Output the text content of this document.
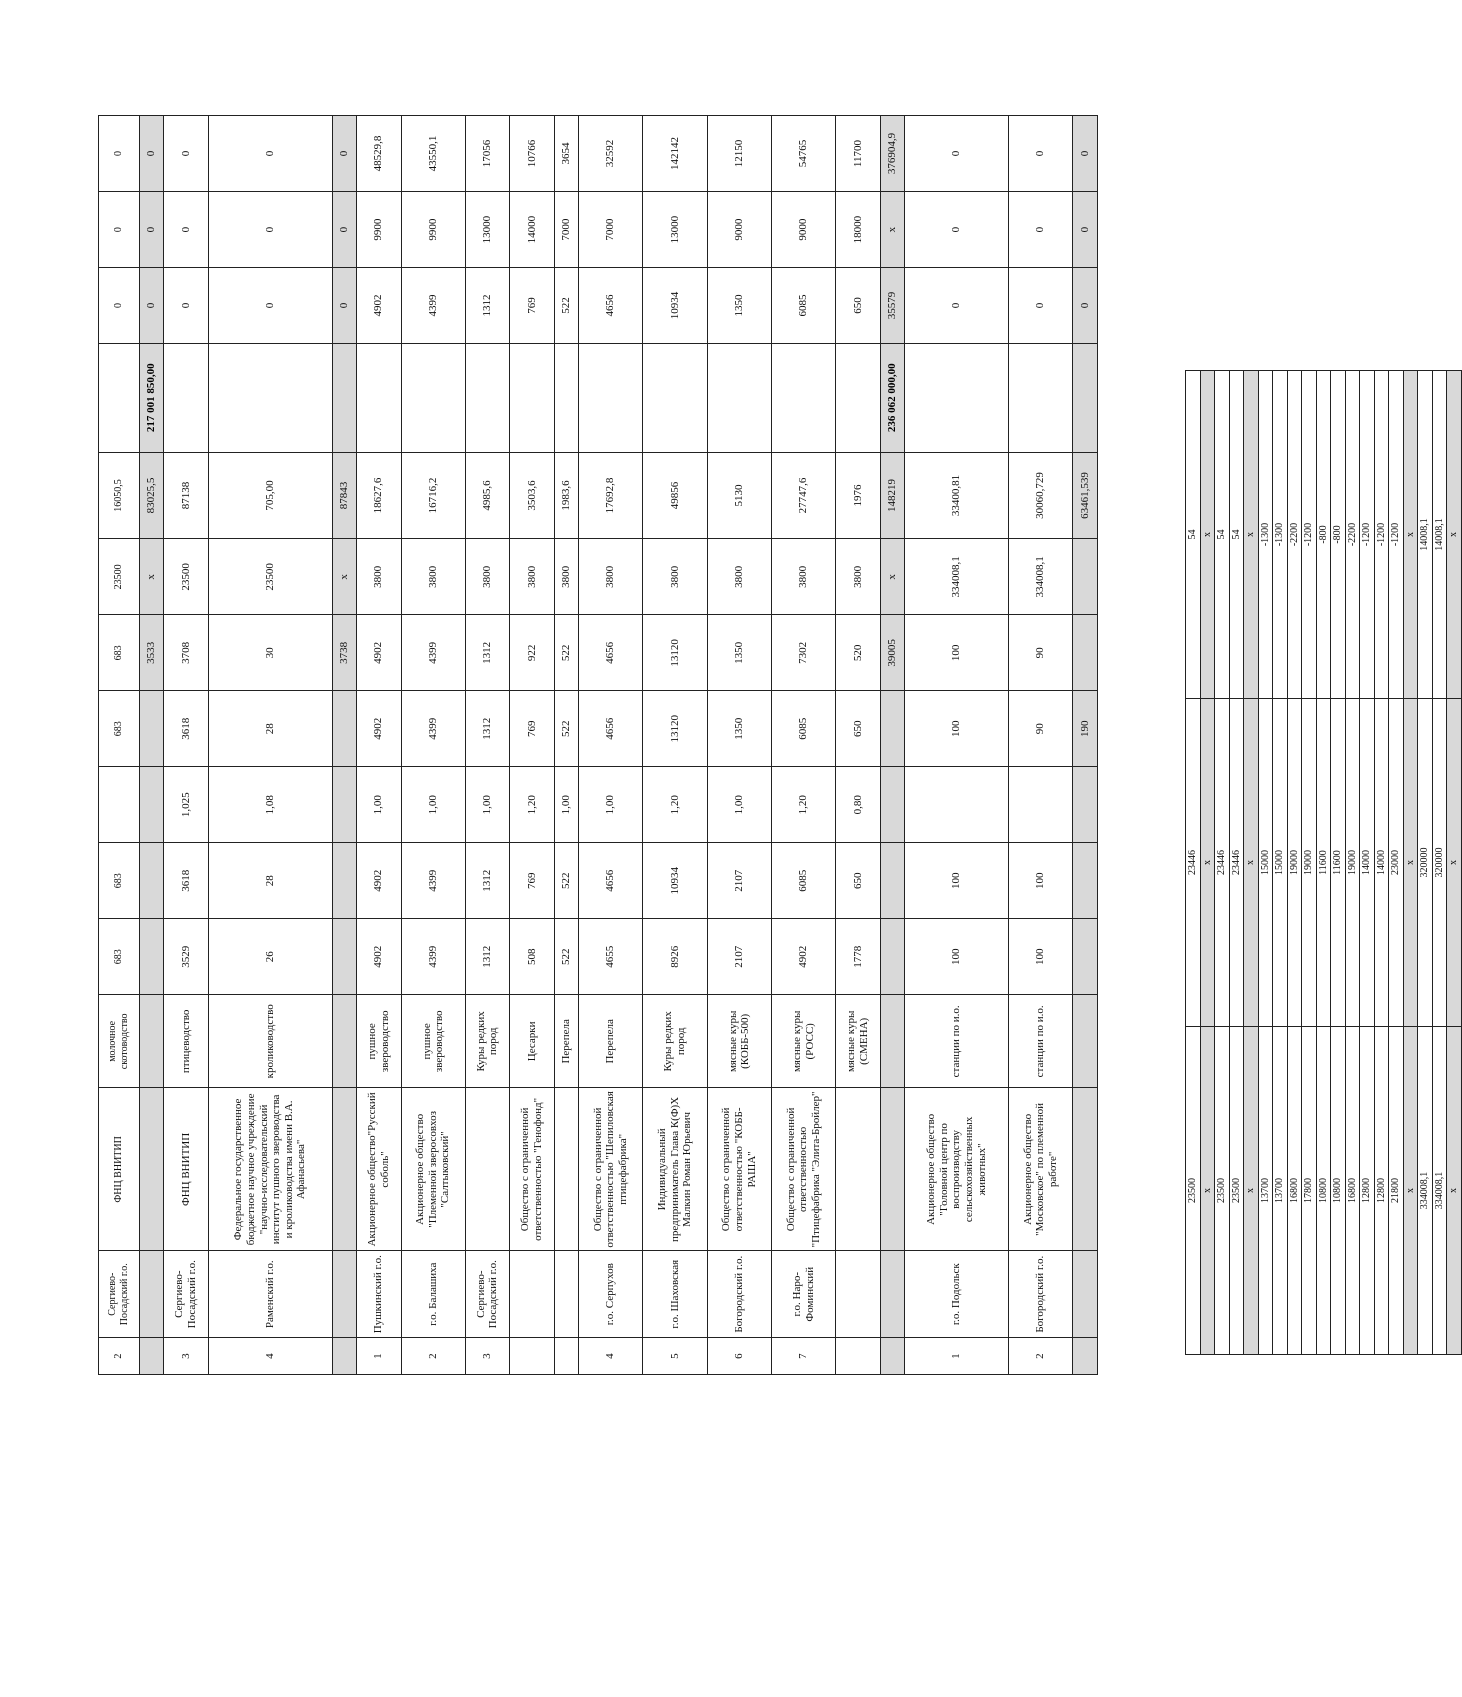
2	Сергиево-Посадский г.о.	ФНЦ ВНИТИП	молочное скотоводство	683	683		683	683	23500	16050,5		0	0	0
								3533	x	83025,5	217 001 850,00	0	0	0
3	Сергиево-Посадский г.о.	ФНЦ ВНИТИП	птицеводство	3529	3618	1,025	3618	3708	23500	87138		0	0	0
4	Раменский г.о.	Федеральное государственное бюджетное научное учреждение "научно-исследовательский институт пушного звероводства и кролиководства имени В.А. Афанасьева"	кролиководство	26	28	1,08	28	30	23500	705,00		0	0	0
								3738	x	87843		0	0	0
1	Пушкинский г.о.	Акционерное общество"Русский соболь"	пушное звероводство	4902	4902	1,00	4902	4902	3800	18627,6		4902	9900	48529,8
2	г.о. Балашиха	Акционерное общество "Племенной зверосовхоз "Салтыковский"	пушное звероводство	4399	4399	1,00	4399	4399	3800	16716,2		4399	9900	43550,1
3	Сергиево-Посадский г.о.		Куры редких пород	1312	1312	1,00	1312	1312	3800	4985,6		1312	13000	17056
		Общество с ограниченной ответственностью "Генофонд"	Цесарки	508	769	1,20	769	922	3800	3503,6		769	14000	10766
			Перепела	522	522	1,00	522	522	3800	1983,6		522	7000	3654
4	г.о. Серпухов	Общество с ограниченной ответственностью "Шепиловская птицефабрика"	Перепела	4655	4656	1,00	4656	4656	3800	17692,8		4656	7000	32592
5	г.о. Шаховская	Индивидуальный предприниматель Глава К(Ф)Х Малкин Роман Юрьевич	Куры редких пород	8926	10934	1,20	13120	13120	3800	49856		10934	13000	142142
6	Богородский г.о.	Общество с ограниченной ответственностью "КОББ-РАША"	мясные куры (КОББ-500)	2107	2107	1,00	1350	1350	3800	5130		1350	9000	12150
7	г.о. Наро-Фоминский	Общество с ограниченной ответственностью "Птицефабрика "Элита-Бройлер"	мясные куры (РОСС)	4902	6085	1,20	6085	7302	3800	27747,6		6085	9000	54765
			мясные куры (СМЕНА)	1778	650	0,80	650	520	3800	1976		650	18000	11700
								39005	x	148219	236 062 000,00	35579	x	376904,9
1	г.о. Подольск	Акционерное общество "Головной центр по воспроизводству сельскохозяйственных животных"	станции по и.о.	100	100		100	100	334008,1	33400,81		0	0	0
2	Богородский г.о.	Акционерное общество "Московское" по племенной работе"	станции по и.о.	100	100		90	90	334008,1	30060,729		0	0	0
							190			63461,539		0	0	0
23500	23446	54
x	x	x
23500	23446	54
23500	23446	54
x	x	x
13700	15000	-1300
13700	15000	-1300
16800	19000	-2200
17800	19000	-1200
10800	11600	-800
10800	11600	-800
16800	19000	-2200
12800	14000	-1200
12800	14000	-1200
21800	23000	-1200
x	x	x
334008,1	320000	14008,1
334008,1	320000	14008,1
x	x	x
